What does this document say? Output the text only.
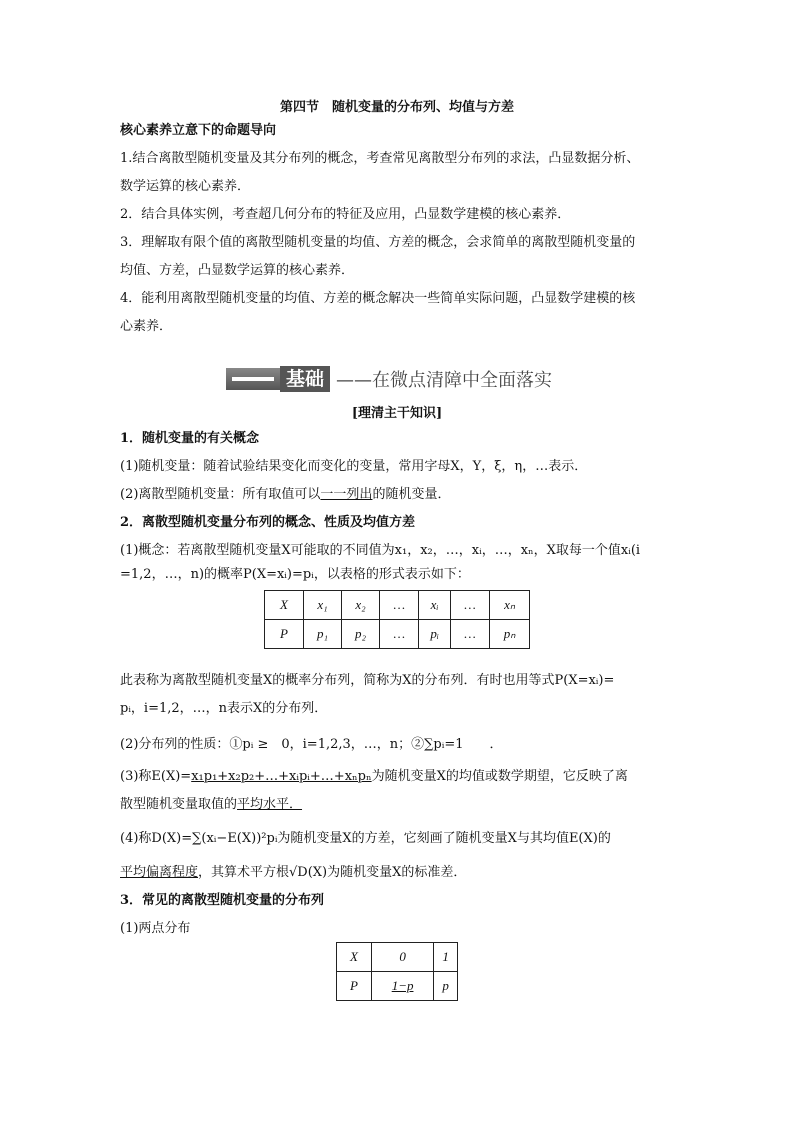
第四节　随机变量的分布列、均值与方差
核心素养立意下的命题导向
1.结合离散型随机变量及其分布列的概念，考查常见离散型分布列的求法，凸显数据分析、
数学运算的核心素养．
2．结合具体实例，考查超几何分布的特征及应用，凸显数学建模的核心素养．
3．理解取有限个值的离散型随机变量的均值、方差的概念，会求简单的离散型随机变量的
均值、方差，凸显数学运算的核心素养．
4．能利用离散型随机变量的均值、方差的概念解决一些简单实际问题，凸显数学建模的核
心素养．
基础 ——在微点清障中全面落实
[理清主干知识]
1．随机变量的有关概念
(1)随机变量：随着试验结果变化而变化的变量，常用字母X，Y，ξ，η，…表示．
(2)离散型随机变量：所有取值可以一一列出的随机变量．
2．离散型随机变量分布列的概念、性质及均值方差
(1)概念：若离散型随机变量X可能取的不同值为x₁，x₂，…，xᵢ，…，xₙ，X取每一个值xᵢ(i
=1,2，…，n)的概率P(X=xᵢ)=pᵢ，以表格的形式表示如下：
X	x₁	x₂	…	xᵢ	…	xₙ
P	p₁	p₂	…	pᵢ	…	pₙ
此表称为离散型随机变量X的概率分布列，简称为X的分布列．有时也用等式P(X=xᵢ)=
pᵢ，i=1,2，…，n表示X的分布列．
(2)分布列的性质：①pᵢ ≥　0，i=1,2,3，…，n；②∑pᵢ=1　　．
(3)称E(X)=x₁p₁+x₂p₂+…+xᵢpᵢ+…+xₙpₙ为随机变量X的均值或数学期望，它反映了离
散型随机变量取值的平均水平．
(4)称D(X)=∑(xᵢ−E(X))²pᵢ为随机变量X的方差，它刻画了随机变量X与其均值E(X)的
平均偏离程度，其算术平方根√D(X)为随机变量X的标准差．
3．常见的离散型随机变量的分布列
(1)两点分布
X	0	1
P	1−p	p
